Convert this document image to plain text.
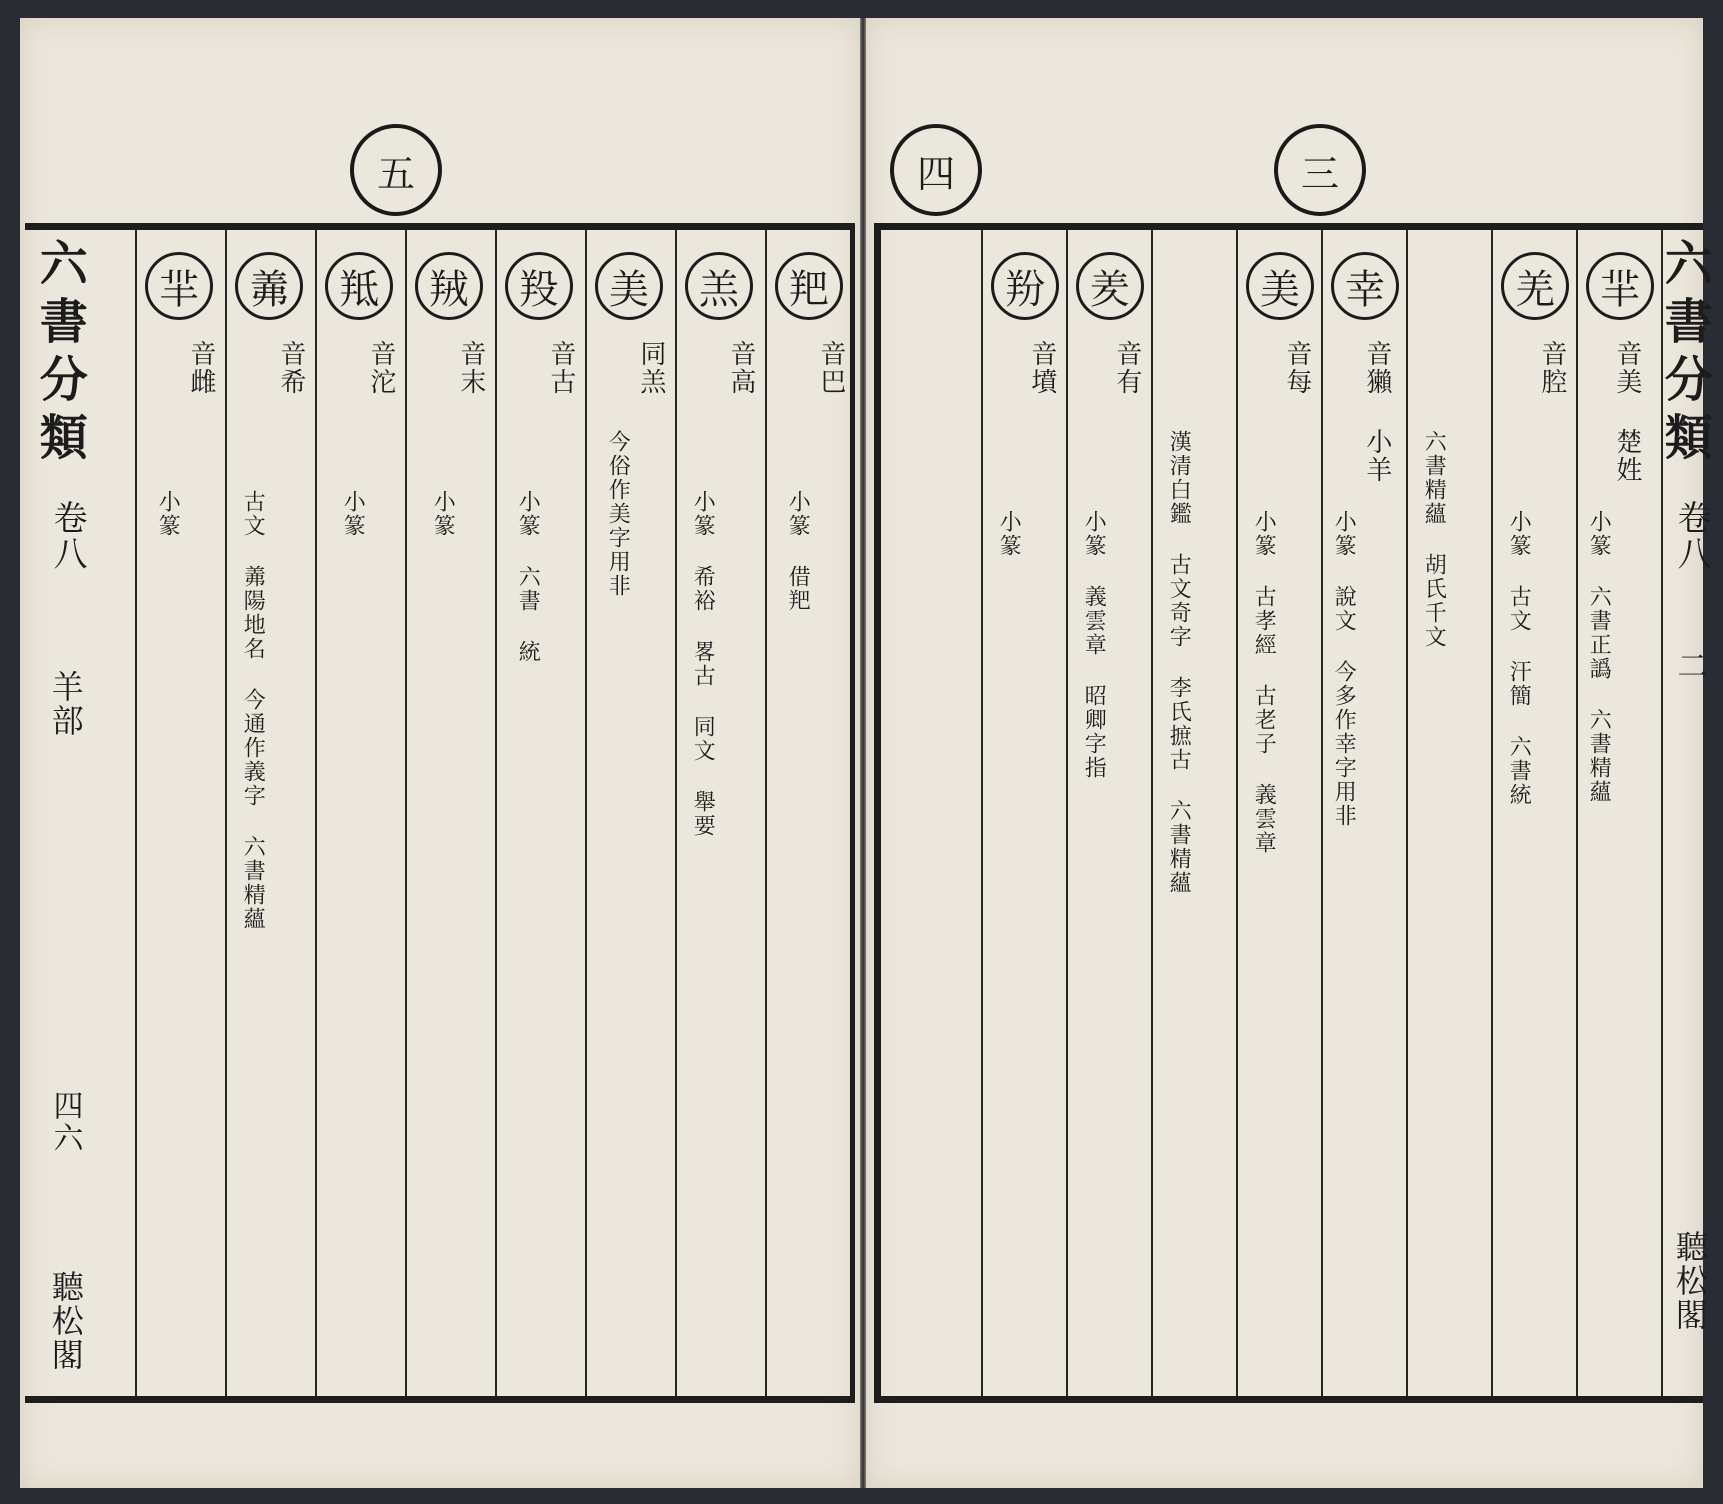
五
六書分類
卷八
羊部
四六
聽松閣
羓
音巴
小篆 借羓
羔
音高
小篆 希裕 畧古 同文 舉要
美
同羔
今俗作美字用非
羖
音古
小篆 六書 統
羢
音末
小篆
羝
音沱
小篆
羛
音希
古文 羛陽地名 今通作義字 六書精蘊
羋
音雌
小篆
四	三
六書分類
卷八
二
聽松閣
羋
音美 楚姓
小篆 六書正譌 六書精蘊
羌
音腔
小篆 古文 汗簡 六書統
六書精蘊 胡氏千文
幸
音獺 小羊
小篆 說文 今多作幸字用非
美
音每
小篆 古孝經 古老子 義雲章
漢清白鑑 古文奇字 李氏摭古 六書精蘊
羑
音有
小篆 義雲章 昭卿字指
羒
音墳
小篆
